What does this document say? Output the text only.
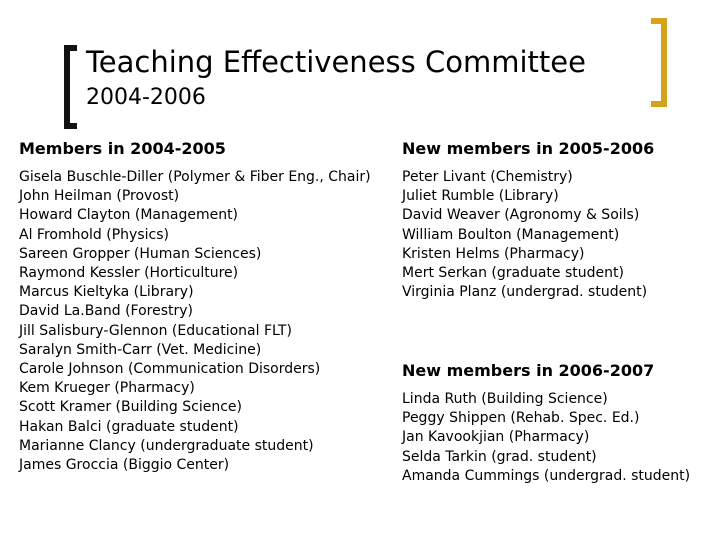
Teaching Effectiveness Committee
2004-2006
Members in 2004-2005
Gisela Buschle-Diller (Polymer & Fiber Eng., Chair)
John Heilman (Provost)
Howard Clayton (Management)
Al Fromhold (Physics)
Sareen Gropper (Human Sciences)
Raymond Kessler (Horticulture)
Marcus Kieltyka (Library)
David La.Band (Forestry)
Jill Salisbury-Glennon (Educational FLT)
Saralyn Smith-Carr (Vet. Medicine)
Carole Johnson (Communication Disorders)
Kem Krueger (Pharmacy)
Scott Kramer (Building Science)
Hakan Balci (graduate student)
Marianne Clancy (undergraduate student)
James Groccia (Biggio Center)
New members in 2005-2006
Peter Livant (Chemistry)
Juliet Rumble (Library)
David Weaver (Agronomy & Soils)
William Boulton (Management)
Kristen Helms (Pharmacy)
Mert Serkan (graduate student)
Virginia Planz (undergrad. student)
New members in 2006-2007
Linda Ruth (Building Science)
Peggy Shippen (Rehab. Spec. Ed.)
Jan Kavookjian (Pharmacy)
Selda Tarkin (grad. student)
Amanda Cummings (undergrad. student)
